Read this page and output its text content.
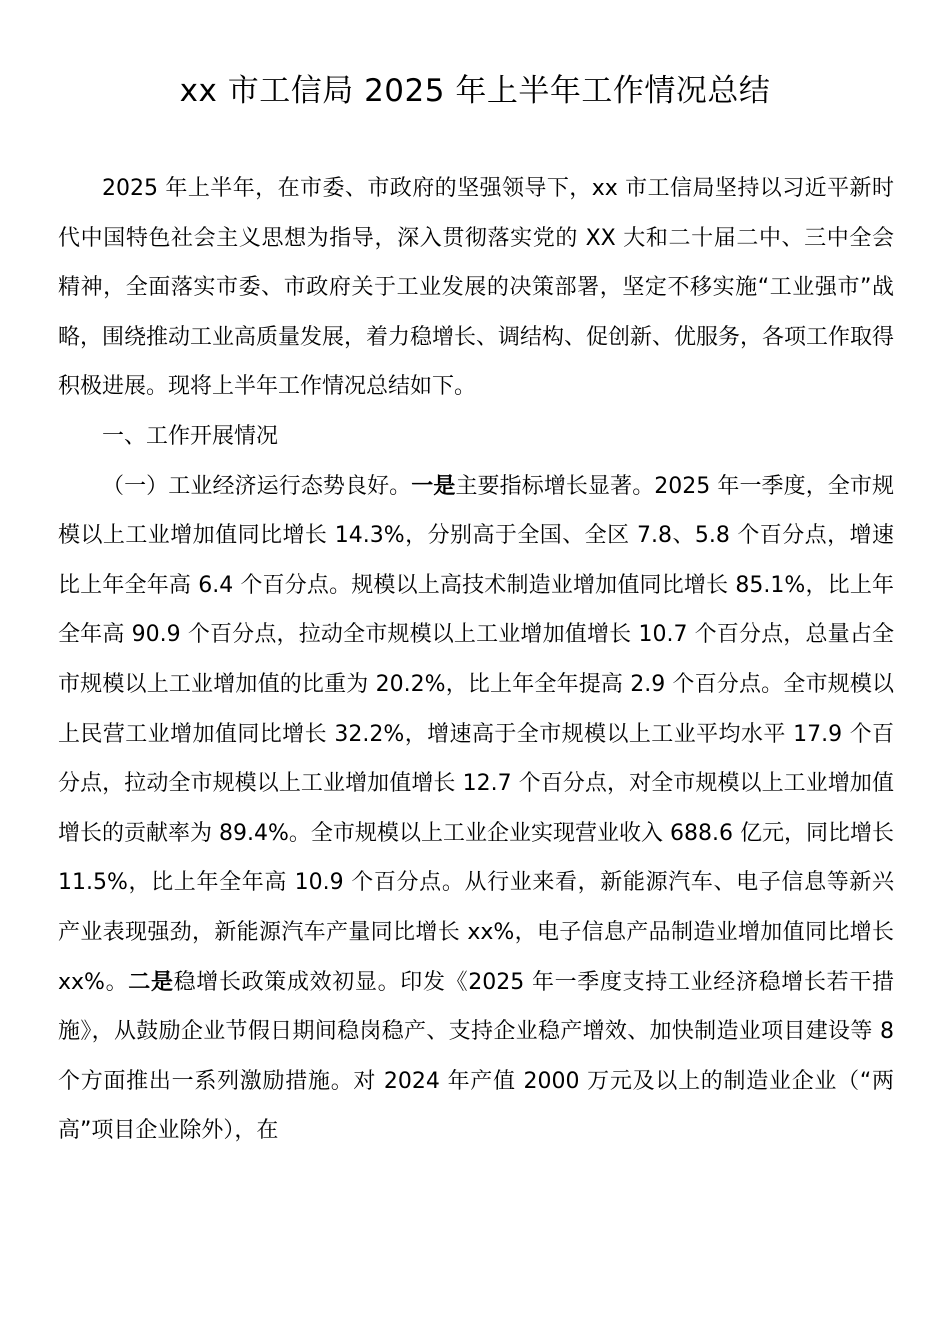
xx 市工信局 2025 年上半年工作情况总结

2025 年上半年，在市委、市政府的坚强领导下，xx 市工信局坚持以习近平新时代中国特色社会主义思想为指导，深入贯彻落实党的 XX 大和二十届二中、三中全会精神，全面落实市委、市政府关于工业发展的决策部署，坚定不移实施“工业强市”战略，围绕推动工业高质量发展，着力稳增长、调结构、促创新、优服务，各项工作取得积极进展。现将上半年工作情况总结如下。

一、工作开展情况

（一）工业经济运行态势良好。一是主要指标增长显著。2025 年一季度，全市规模以上工业增加值同比增长 14.3%，分别高于全国、全区 7.8、5.8 个百分点，增速比上年全年高 6.4 个百分点。规模以上高技术制造业增加值同比增长 85.1%，比上年全年高 90.9 个百分点，拉动全市规模以上工业增加值增长 10.7 个百分点，总量占全市规模以上工业增加值的比重为 20.2%，比上年全年提高 2.9 个百分点。全市规模以上民营工业增加值同比增长 32.2%，增速高于全市规模以上工业平均水平 17.9 个百分点，拉动全市规模以上工业增加值增长 12.7 个百分点，对全市规模以上工业增加值增长的贡献率为 89.4%。全市规模以上工业企业实现营业收入 688.6 亿元，同比增长 11.5%，比上年全年高 10.9 个百分点。从行业来看，新能源汽车、电子信息等新兴产业表现强劲，新能源汽车产量同比增长 xx%，电子信息产品制造业增加值同比增长 xx%。二是稳增长政策成效初显。印发《2025 年一季度支持工业经济稳增长若干措施》，从鼓励企业节假日期间稳岗稳产、支持企业稳产增效、加快制造业项目建设等 8 个方面推出一系列激励措施。对 2024 年产值 2000 万元及以上的制造业企业（“两高”项目企业除外），在
